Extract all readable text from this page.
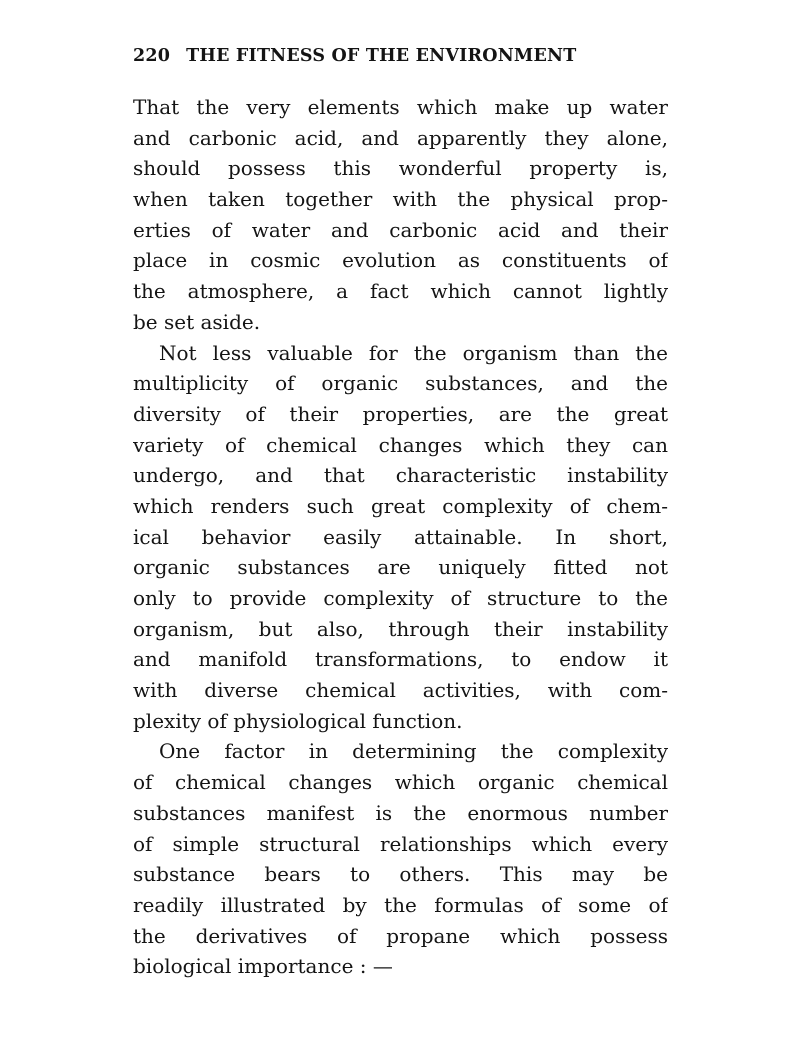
220 THE FITNESS OF THE ENVIRONMENT
That the very elements which make up water
and carbonic acid, and apparently they alone,
should possess this wonderful property is,
when taken together with the physical prop-
erties of water and carbonic acid and their
place in cosmic evolution as constituents of
the atmosphere, a fact which cannot lightly
be set aside.
Not less valuable for the organism than the
multiplicity of organic substances, and the
diversity of their properties, are the great
variety of chemical changes which they can
undergo, and that characteristic instability
which renders such great complexity of chem-
ical behavior easily attainable. In short,
organic substances are uniquely fitted not
only to provide complexity of structure to the
organism, but also, through their instability
and manifold transformations, to endow it
with diverse chemical activities, with com-
plexity of physiological function.
One factor in determining the complexity
of chemical changes which organic chemical
substances manifest is the enormous number
of simple structural relationships which every
substance bears to others. This may be
readily illustrated by the formulas of some of
the derivatives of propane which possess
biological importance : —
